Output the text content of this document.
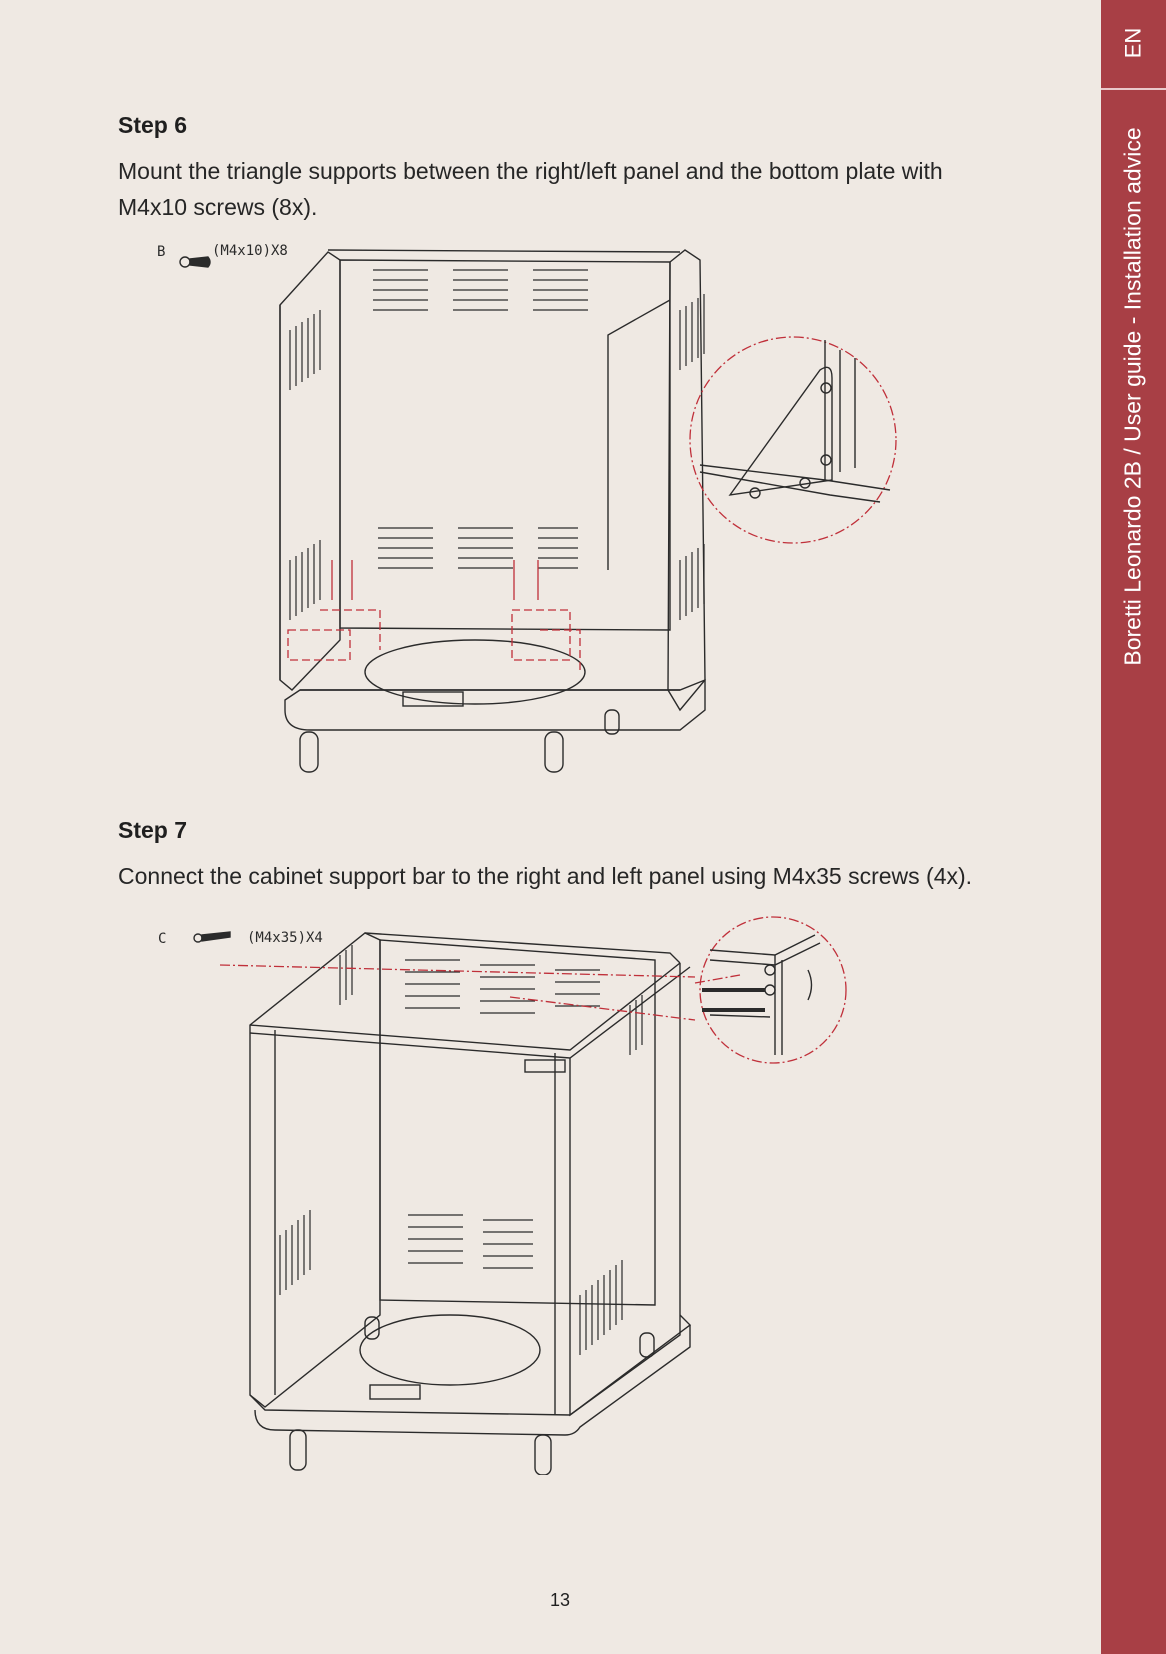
EN
Boretti Leonardo 2B / User guide - Installation advice
Step 6

Mount the triangle supports between the right/left panel and the bottom plate with M4x10 screws (8x).

B	(M4x10)X8
Step 7

Connect the cabinet support bar to the right and left panel using M4x35 screws (4x).

C	(M4x35)X4
13
